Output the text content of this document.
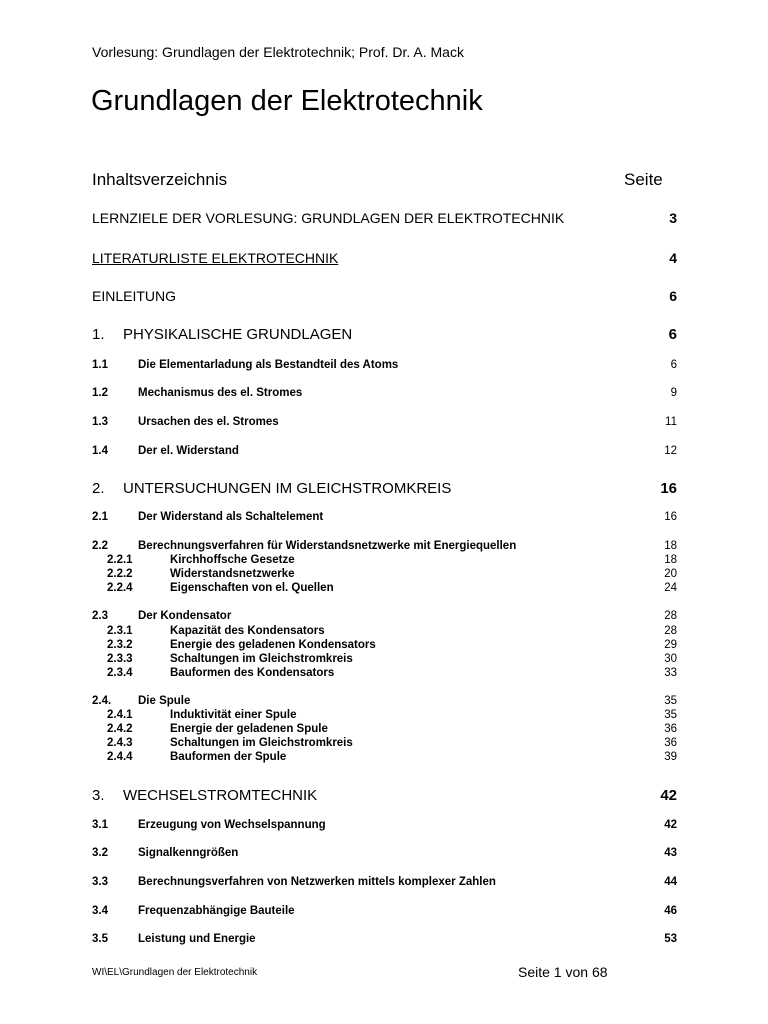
Vorlesung: Grundlagen der Elektrotechnik; Prof. Dr. A. Mack
Grundlagen der Elektrotechnik
Inhaltsverzeichnis	Seite
LERNZIELE DER VORLESUNG: GRUNDLAGEN DER ELEKTROTECHNIK	3
LITERATURLISTE ELEKTROTECHNIK	4
EINLEITUNG	6
1. PHYSIKALISCHE GRUNDLAGEN	6
1.1	Die Elementarladung als Bestandteil des Atoms	6
1.2	Mechanismus des el. Stromes	9
1.3	Ursachen des el. Stromes	11
1.4	Der el. Widerstand	12
2. UNTERSUCHUNGEN IM GLEICHSTROMKREIS	16
2.1	Der Widerstand als Schaltelement	16
2.2	Berechnungsverfahren für Widerstandsnetzwerke mit Energiequellen	18
2.2.1	Kirchhoffsche Gesetze	18
2.2.2	Widerstandsnetzwerke	20
2.2.4	Eigenschaften von el. Quellen	24
2.3	Der Kondensator	28
2.3.1	Kapazität des Kondensators	28
2.3.2	Energie des geladenen Kondensators	29
2.3.3	Schaltungen im Gleichstromkreis	30
2.3.4	Bauformen des Kondensators	33
2.4. Die Spule	35
2.4.1	Induktivität einer Spule	35
2.4.2	Energie der geladenen Spule	36
2.4.3	Schaltungen im Gleichstromkreis	36
2.4.4	Bauformen der Spule	39
3. WECHSELSTROMTECHNIK	42
3.1	Erzeugung von Wechselspannung	42
3.2	Signalkenngrößen	43
3.3	Berechnungsverfahren von Netzwerken mittels komplexer Zahlen	44
3.4	Frequenzabhängige Bauteile	46
3.5	Leistung und Energie	53
WI\EL\Grundlagen der Elektrotechnik	Seite 1 von 68
